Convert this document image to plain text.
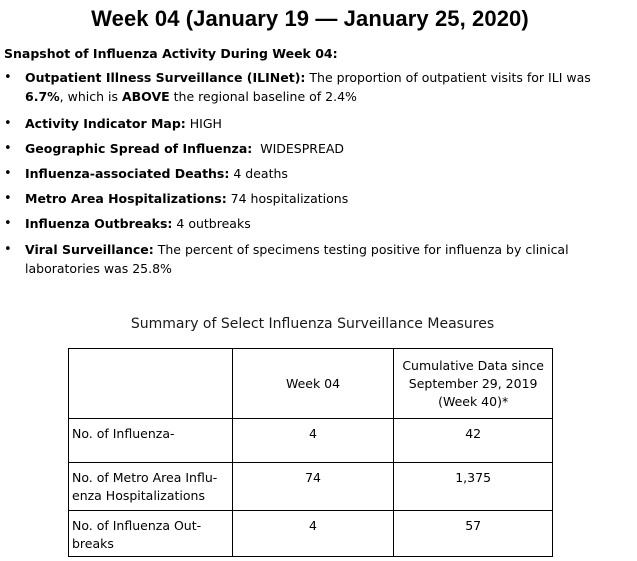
Week 04 (January 19 — January 25, 2020)
Snapshot of Influenza Activity During Week 04:
• Outpatient Illness Surveillance (ILINet): The proportion of outpatient visits for ILI was 6.7%, which is ABOVE the regional baseline of 2.4%
• Activity Indicator Map: HIGH
• Geographic Spread of Influenza:  WIDESPREAD
• Influenza-associated Deaths: 4 deaths
• Metro Area Hospitalizations: 74 hospitalizations
• Influenza Outbreaks: 4 outbreaks
• Viral Surveillance: The percent of specimens testing positive for influenza by clinical laboratories was 25.8%
Summary of Select Influenza Surveillance Measures
	Week 04	Cumulative Data since September 29, 2019 (Week 40)*
No. of Influenza-	4	42
No. of Metro Area Influenza Hospitalizations	74	1,375
No. of Influenza Outbreaks	4	57
